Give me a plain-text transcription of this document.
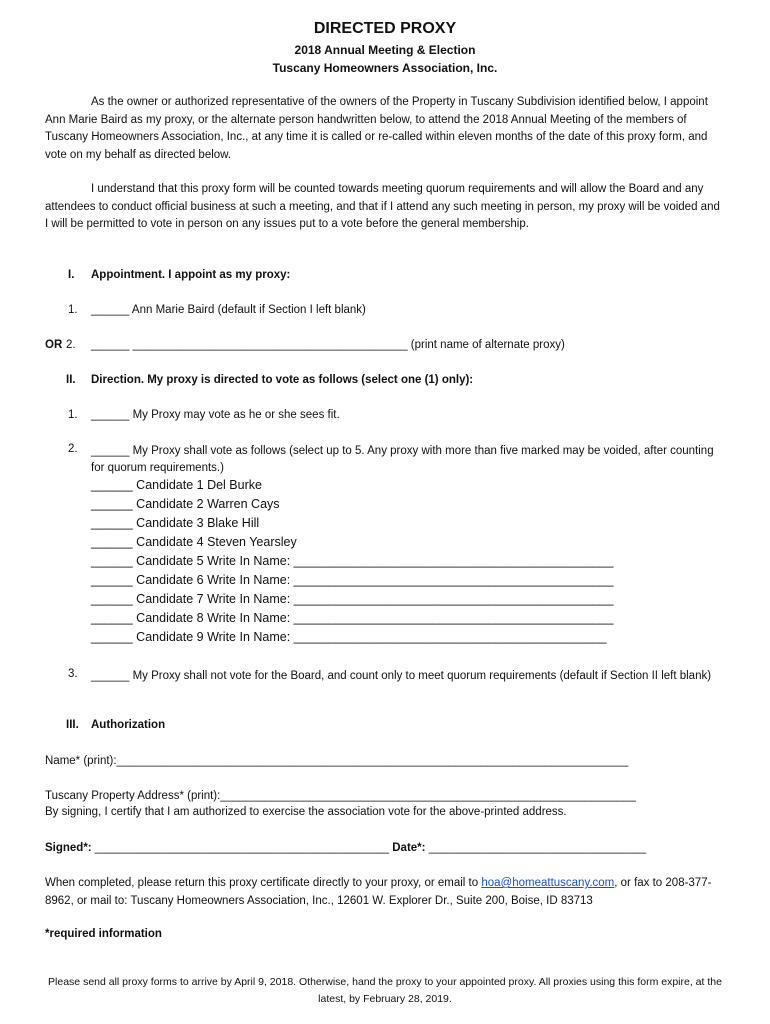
DIRECTED PROXY
2018 Annual Meeting & Election
Tuscany Homeowners Association, Inc.
As the owner or authorized representative of the owners of the Property in Tuscany Subdivision identified below, I appoint Ann Marie Baird as my proxy, or the alternate person handwritten below, to attend the 2018 Annual Meeting of the members of Tuscany Homeowners Association, Inc., at any time it is called or re-called within eleven months of the date of this proxy form, and vote on my behalf as directed below.
I understand that this proxy form will be counted towards meeting quorum requirements and will allow the Board and any attendees to conduct official business at such a meeting, and that if I attend any such meeting in person, my proxy will be voided and I will be permitted to vote in person on any issues put to a vote before the general membership.
I. Appointment. I appoint as my proxy:
1. ______ Ann Marie Baird (default if Section I left blank)
OR 2. ______ ___________________________________________ (print name of alternate proxy)
II. Direction. My proxy is directed to vote as follows (select one (1) only):
1. ______ My Proxy may vote as he or she sees fit.
2. ______ My Proxy shall vote as follows (select up to 5. Any proxy with more than five marked may be voided, after counting for quorum requirements.)
______ Candidate 1 Del Burke
______ Candidate 2 Warren Cays
______ Candidate 3 Blake Hill
______ Candidate 4 Steven Yearsley
______ Candidate 5 Write In Name: ______________________________________________
______ Candidate 6 Write In Name: ______________________________________________
______ Candidate 7 Write In Name: ______________________________________________
______ Candidate 8 Write In Name: ______________________________________________
______ Candidate 9 Write In Name: _____________________________________________
3. ______ My Proxy shall not vote for the Board, and count only to meet quorum requirements (default if Section II left blank)
III. Authorization
Name* (print):________________________________________________________________________________
Tuscany Property Address* (print):_________________________________________________________________
By signing, I certify that I am authorized to exercise the association vote for the above-printed address.
Signed*: ______________________________________________ Date*: __________________________________
When completed, please return this proxy certificate directly to your proxy, or email to hoa@homeattuscany.com, or fax to 208-377-8962, or mail to: Tuscany Homeowners Association, Inc., 12601 W. Explorer Dr., Suite 200, Boise, ID 83713
*required information
Please send all proxy forms to arrive by April 9, 2018. Otherwise, hand the proxy to your appointed proxy. All proxies using this form expire, at the latest, by February 28, 2019.
